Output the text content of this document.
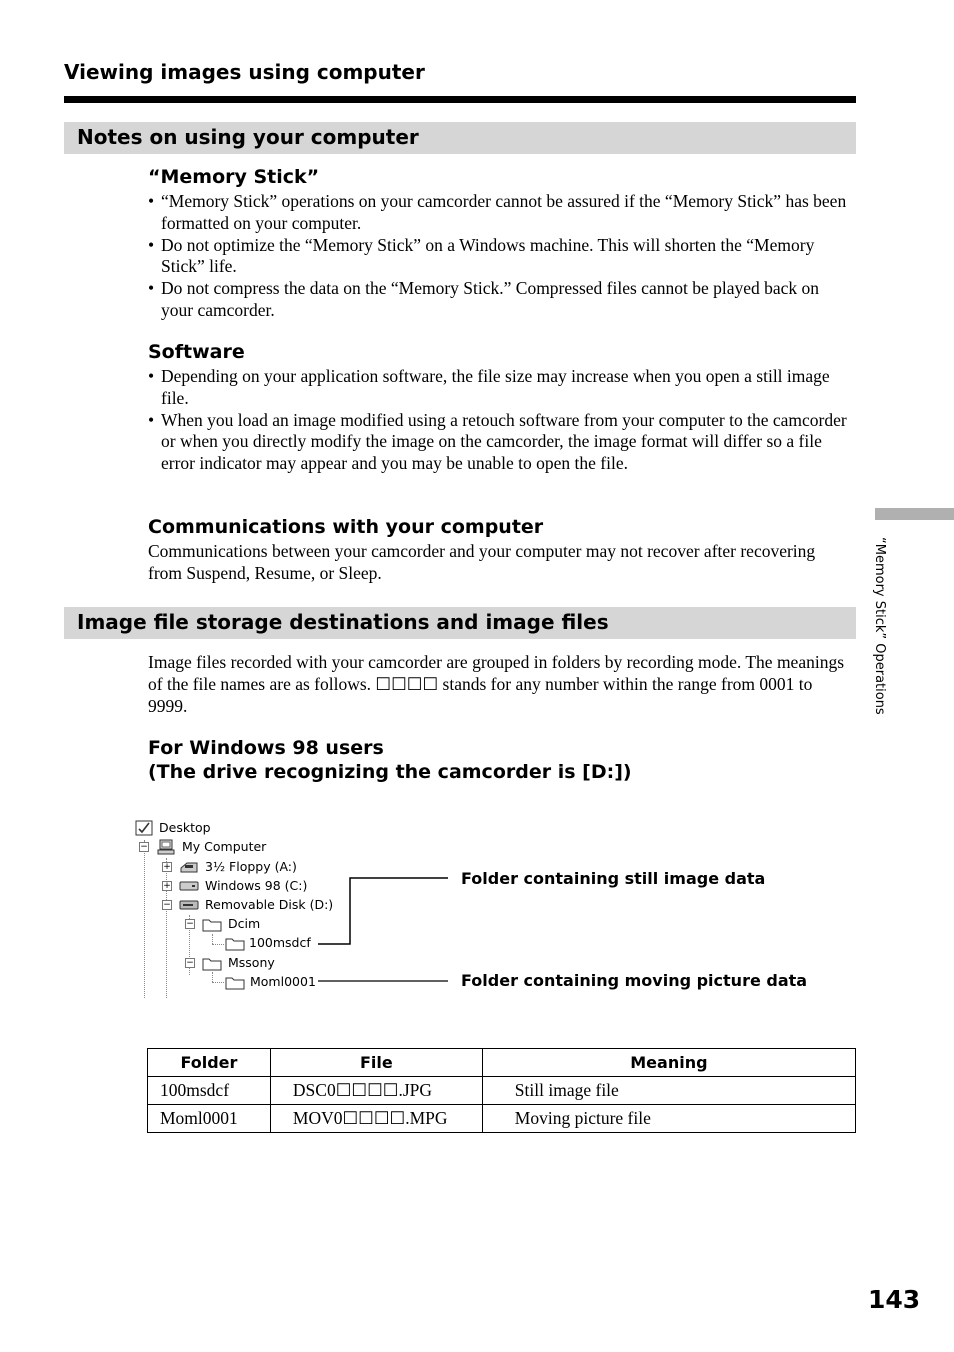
Viewing images using computer
Notes on using your computer
“Memory Stick”
• “Memory Stick” operations on your camcorder cannot be assured if the “Memory Stick” has been formatted on your computer.
• Do not optimize the “Memory Stick” on a Windows machine. This will shorten the “Memory Stick” life.
• Do not compress the data on the “Memory Stick.” Compressed files cannot be played back on your camcorder.
Software
• Depending on your application software, the file size may increase when you open a still image file.
• When you load an image modified using a retouch software from your computer to the camcorder or when you directly modify the image on the camcorder, the image format will differ so a file error indicator may appear and you may be unable to open the file.
Communications with your computer
Communications between your camcorder and your computer may not recover after recovering from Suspend, Resume, or Sleep.
Image file storage destinations and image files
Image files recorded with your camcorder are grouped in folders by recording mode. The meanings of the file names are as follows. ☐☐☐☐ stands for any number within the range from 0001 to 9999.
For Windows 98 users
(The drive recognizing the camcorder is [D:])
Desktop
−	My Computer
+	3½ Floppy (A:)
+	Windows 98 (C:)
−	Removable Disk (D:)
−	Dcim
100msdcf
−	Mssony
Moml0001
Folder containing still image data
Folder containing moving picture data
Folder	File	Meaning
100msdcf	DSC0☐☐☐☐.JPG	Still image file
Moml0001	MOV0☐☐☐☐.MPG	Moving picture file
“Memory Stick” Operations
143
